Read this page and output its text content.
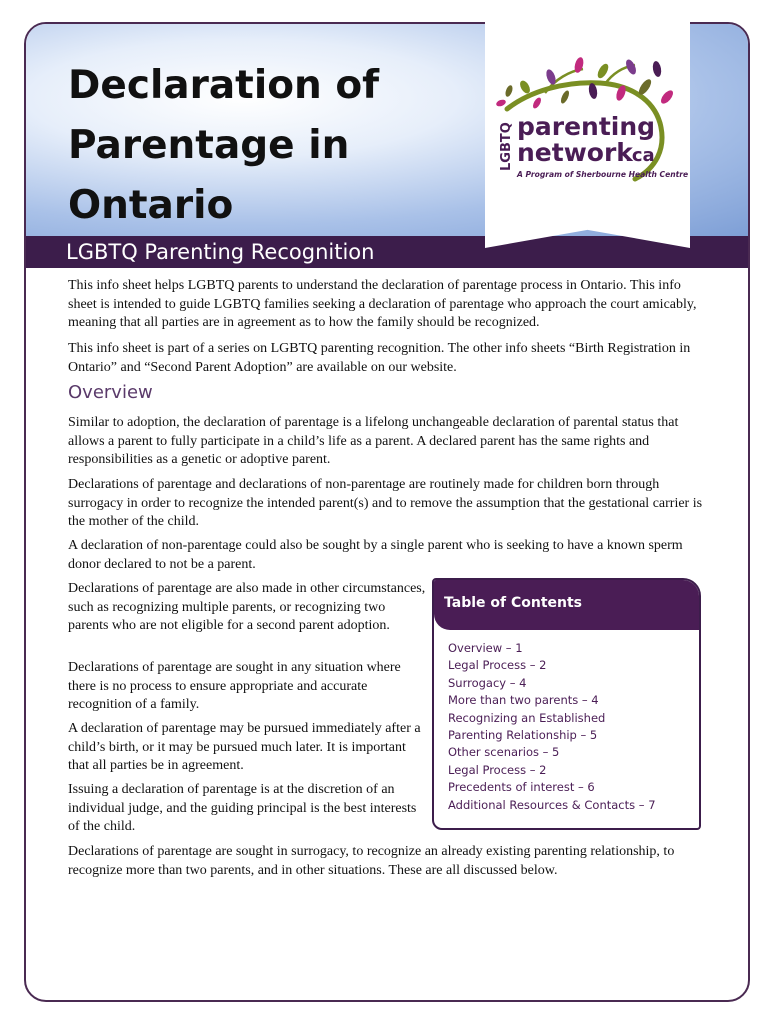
Declaration of
Parentage in
Ontario

LGBTQ Parenting Recognition

LGBTQ parenting
network
.ca
A Program of Sherbourne Health Centre

This info sheet helps LGBTQ parents to understand the declaration of parentage process in Ontario. This info sheet is intended to guide LGBTQ families seeking a declaration of parentage who approach the court amicably, meaning that all parties are in agreement as to how the family should be recognized.

This info sheet is part of a series on LGBTQ parenting recognition. The other info sheets “Birth Registration in Ontario” and “Second Parent Adoption” are available on our website.

Overview

Similar to adoption, the declaration of parentage is a lifelong unchangeable declaration of parental status that allows a parent to fully participate in a child’s life as a parent. A declared parent has the same rights and responsibilities as a genetic or adoptive parent.

Declarations of parentage and declarations of non-parentage are routinely made for children born through surrogacy in order to recognize the intended parent(s) and to remove the assumption that the gestational carrier is the mother of the child.

A declaration of non-parentage could also be sought by a single parent who is seeking to have a known sperm donor declared to not be a parent.

Declarations of parentage are also made in other circumstances, such as recognizing multiple parents, or recognizing two parents who are not eligible for a second parent adoption.

Declarations of parentage are sought in any situation where there is no process to ensure appropriate and accurate recognition of a family.

A declaration of parentage may be pursued immediately after a child’s birth, or it may be pursued much later. It is important that all parties be in agreement.

Issuing a declaration of parentage is at the discretion of an individual judge, and the guiding principal is the best interests of the child.

Declarations of parentage are sought in surrogacy, to recognize an already existing parenting relationship, to recognize more than two parents, and in other situations. These are all discussed below.

Table of Contents

Overview – 1
Legal Process – 2
Surrogacy – 4
More than two parents – 4
Recognizing an Established
Parenting Relationship – 5
Other scenarios – 5
Legal Process – 2
Precedents of interest – 6
Additional Resources & Contacts – 7
